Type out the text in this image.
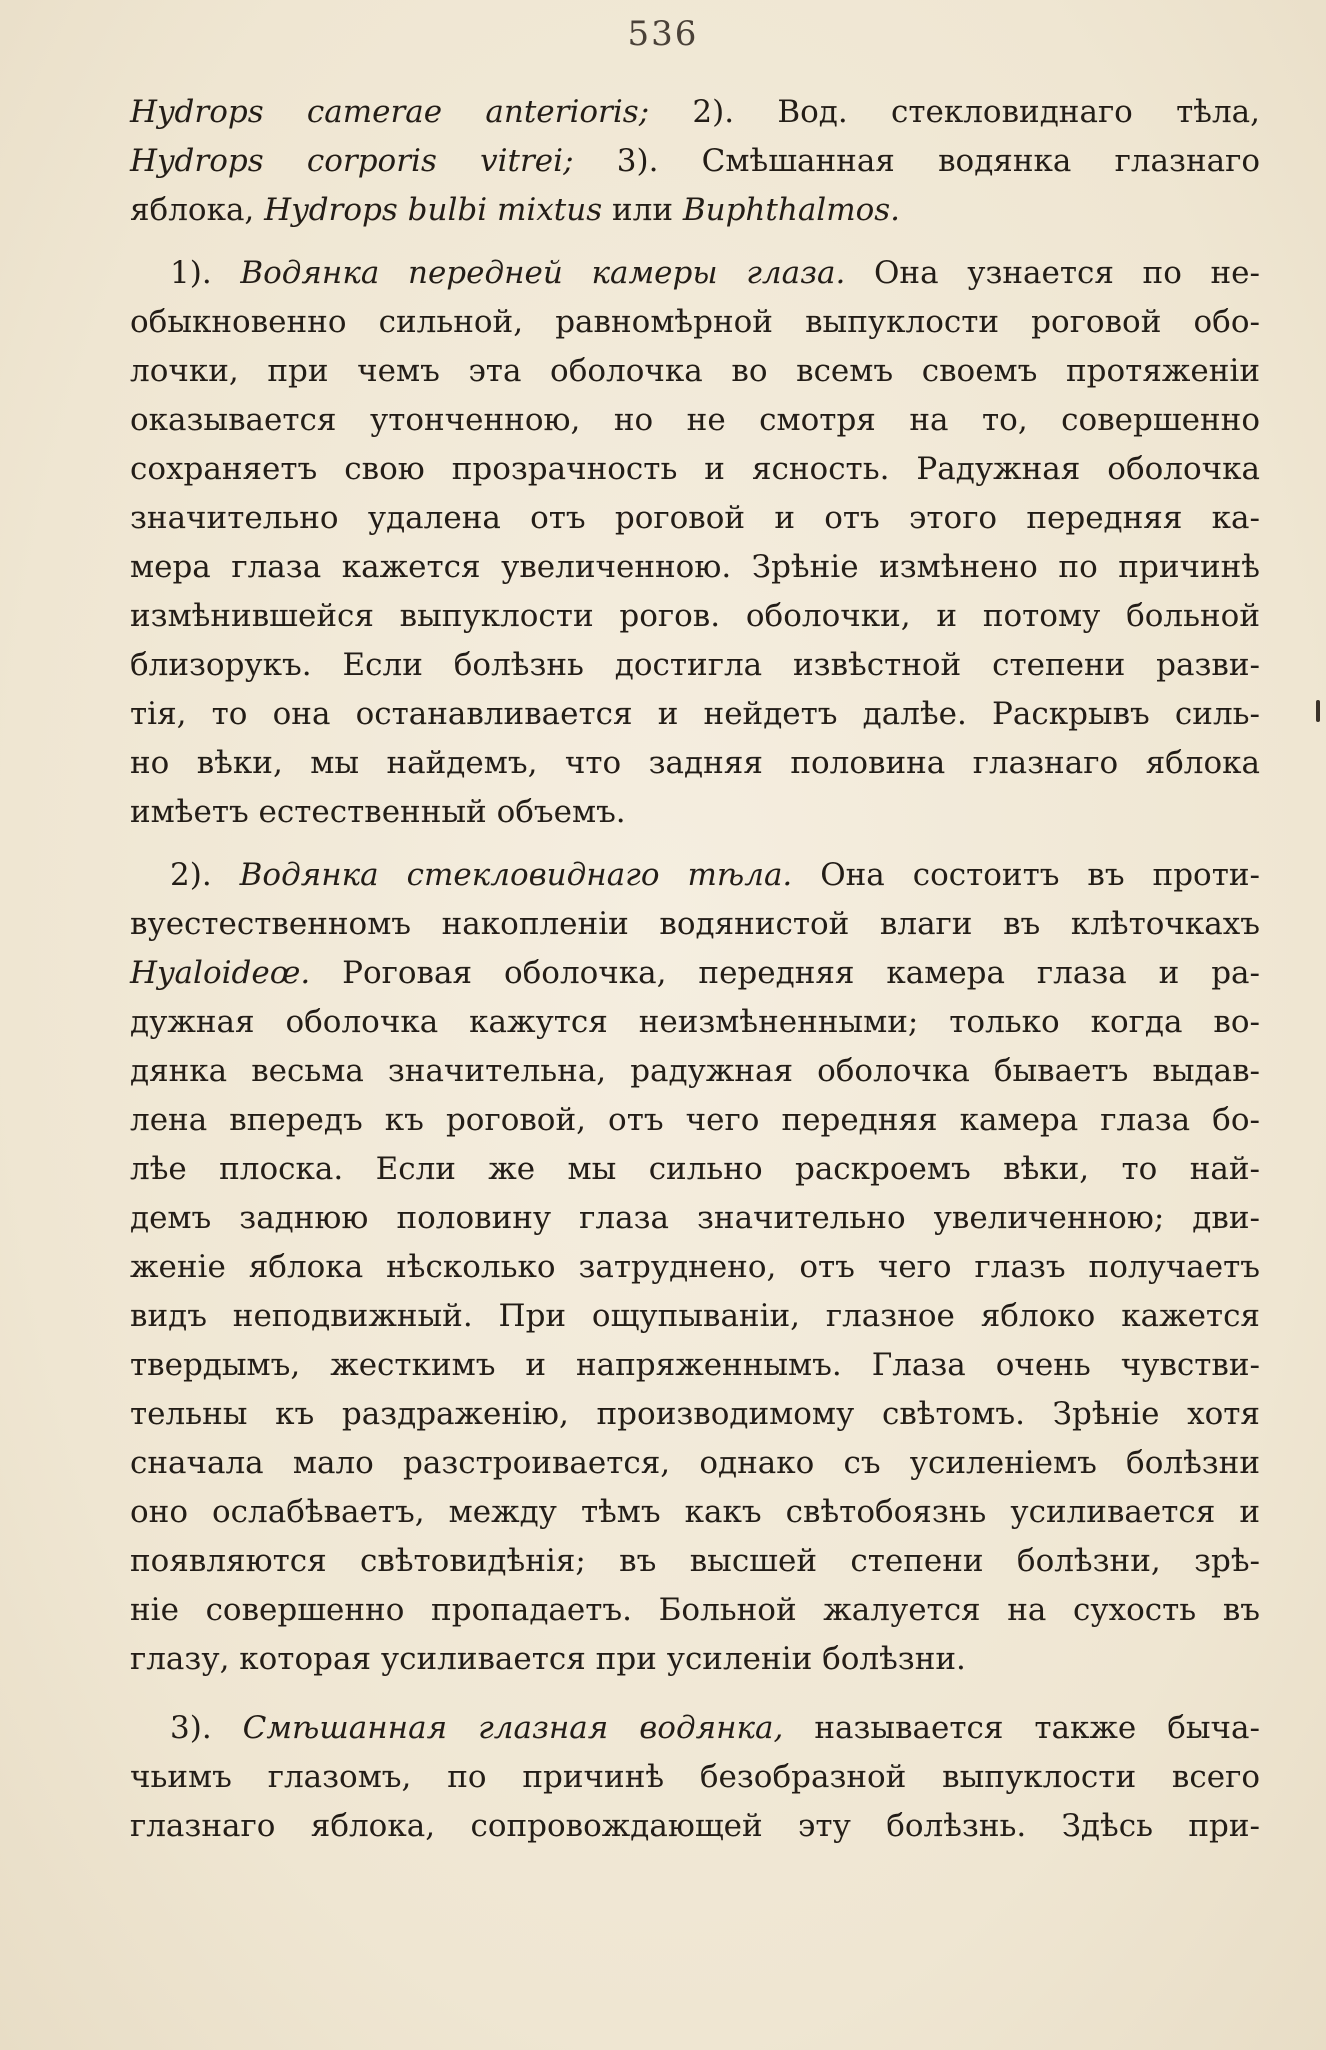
536
Hydrops camerae anterioris; 2). Вод. стекловиднаго тѣла,
Hydrops corporis vitrei; 3). Смѣшанная водянка глазнаго
яблока, Hydrops bulbi mixtus или Buphthalmos.
1). Водянка передней камеры глаза. Она узнается по не-
обыкновенно сильной, равномѣрной выпуклости роговой обо-
лочки, при чемъ эта оболочка во всемъ своемъ протяженіи
оказывается утонченною, но не смотря на то, совершенно
сохраняетъ свою прозрачность и ясность. Радужная оболочка
значительно удалена отъ роговой и отъ этого передняя ка-
мера глаза кажется увеличенною. Зрѣніе измѣнено по причинѣ
измѣнившейся выпуклости рогов. оболочки, и потому больной
близорукъ. Если болѣзнь достигла извѣстной степени разви-
тія, то она останавливается и нейдетъ далѣе. Раскрывъ силь-
но вѣки, мы найдемъ, что задняя половина глазнаго яблока
имѣетъ естественный объемъ.
2). Водянка стекловиднаго тѣла. Она состоитъ въ проти-
вуестественномъ накопленіи водянистой влаги въ клѣточкахъ
Hyaloideœ. Роговая оболочка, передняя камера глаза и ра-
дужная оболочка кажутся неизмѣненными; только когда во-
дянка весьма значительна, радужная оболочка бываетъ выдав-
лена впередъ къ роговой, отъ чего передняя камера глаза бо-
лѣе плоска. Если же мы сильно раскроемъ вѣки, то най-
демъ заднюю половину глаза значительно увеличенною; дви-
женіе яблока нѣсколько затруднено, отъ чего глазъ получаетъ
видъ неподвижный. При ощупываніи, глазное яблоко кажется
твердымъ, жесткимъ и напряженнымъ. Глаза очень чувстви-
тельны къ раздраженію, производимому свѣтомъ. Зрѣніе хотя
сначала мало разстроивается, однако съ усиленіемъ болѣзни
оно ослабѣваетъ, между тѣмъ какъ свѣтобоязнь усиливается и
появляются свѣтовидѣнія; въ высшей степени болѣзни, зрѣ-
ніе совершенно пропадаетъ. Больной жалуется на сухость въ
глазу, которая усиливается при усиленіи болѣзни.
3). Смѣшанная глазная водянка, называется также быча-
чьимъ глазомъ, по причинѣ безобразной выпуклости всего
глазнаго яблока, сопровождающей эту болѣзнь. Здѣсь при-
